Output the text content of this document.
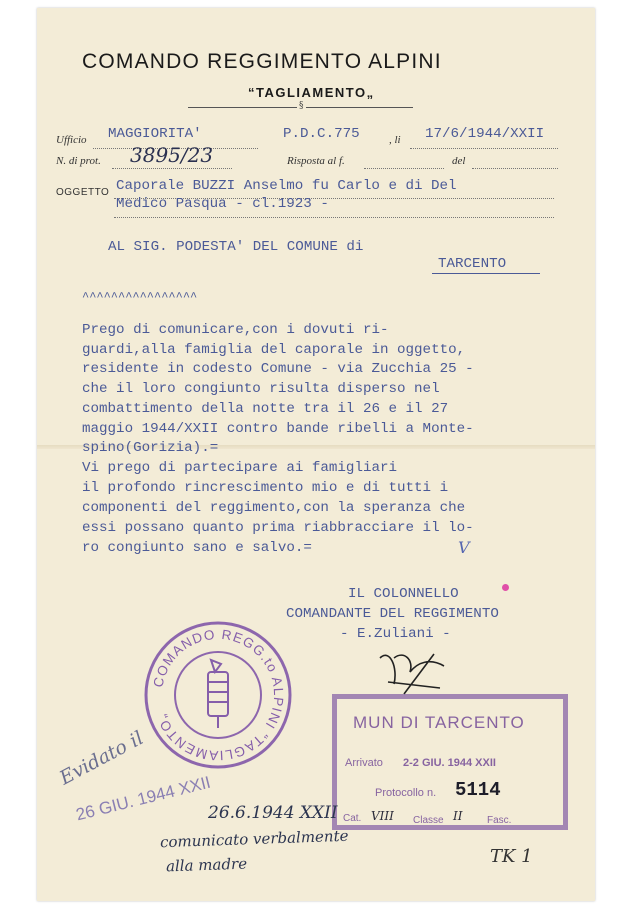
COMANDO REGGIMENTO ALPINI
“TAGLIAMENTO„
§
Ufficio MAGGIORITA'	P.D.C.775	, li 17/6/1944/XXII
N. di prot. 3895/23	Risposta al f.	del
OGGETTO Caporale BUZZI Anselmo fu Carlo e di Del
Medico Pasqua - cl.1923 -
AL SIG. PODESTA' DEL COMUNE di
TARCENTO
^^^^^^^^^^^^^^^^
Prego di comunicare,con i dovuti ri-
guardi,alla famiglia del caporale in oggetto,
residente in codesto Comune - via Zucchia 25 -
che il loro congiunto risulta disperso nel
combattimento della notte tra il 26 e il 27
maggio 1944/XXII contro bande ribelli a Monte-
spino(Gorizia).=
Vi prego di partecipare ai famigliari
il profondo rincrescimento mio e di tutti i
componenti del reggimento,con la speranza che
essi possano quanto prima riabbracciare il lo-
ro congiunto sano e salvo.=	V
IL COLONNELLO
COMANDANTE DEL REGGIMENTO
- E.Zuliani -
COMANDO REGG.to ALPINI “TAGLIAMENTO„	MUN DI TARCENTO
Arrivato 2-2 GIU. 1944 XXII
Protocollo n. 5114
Cat. VIII Classe II Fasc.
Evidato il
26 GIU. 1944 XXII
26.6.1944 XXII
comunicato verbalmente
alla madre	TK 1
